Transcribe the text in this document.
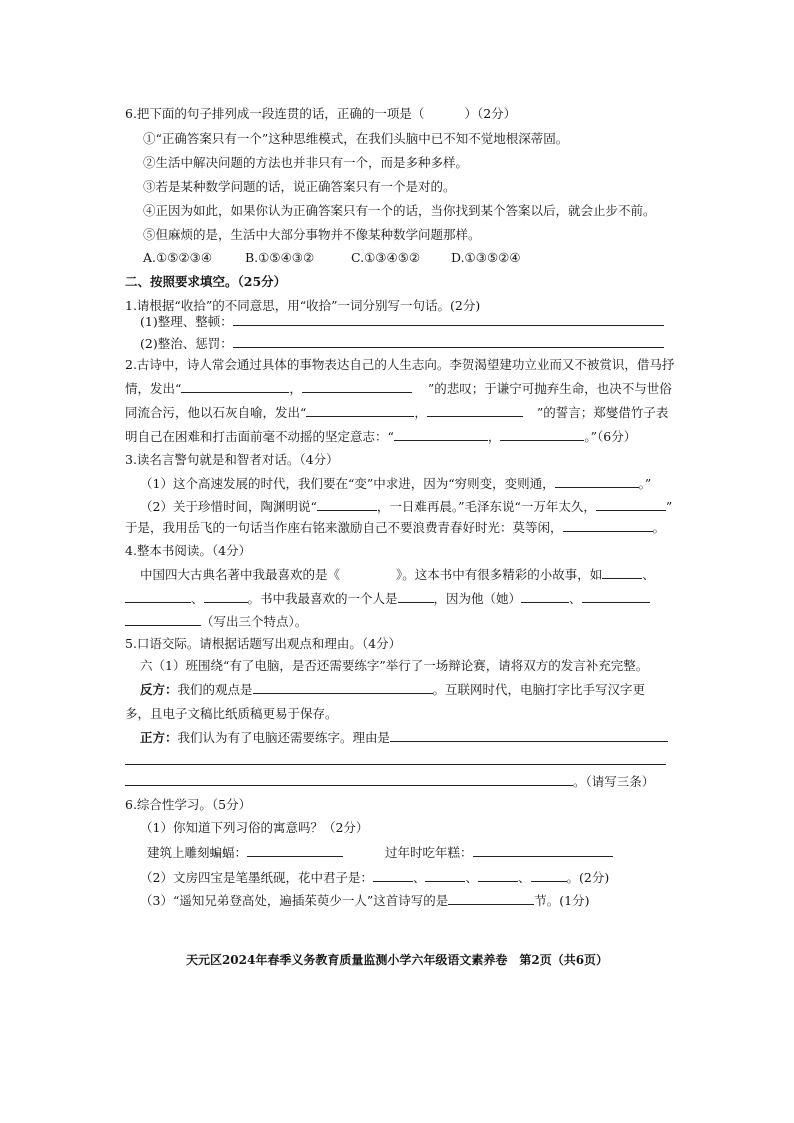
6.把下面的句子排列成一段连贯的话，正确的一项是（	）（2分）
①“正确答案只有一个”这种思维模式，在我们头脑中已不知不觉地根深蒂固。
②生活中解决问题的方法也并非只有一个，而是多种多样。
③若是某种数学问题的话，说正确答案只有一个是对的。
④正因为如此，如果你认为正确答案只有一个的话，当你找到某个答案以后，就会止步不前。
⑤但麻烦的是，生活中大部分事物并不像某种数学问题那样。
A.①⑤②③④	B.①⑤④③②	C.①③④⑤② D.①③⑤②④
二、按照要求填空。（25分）
1.请根据“收拾”的不同意思，用“收拾”一词分别写一句话。(2分)
(1)整理、整顿：
(2)整治、惩罚：
2.古诗中，诗人常会通过具体的事物表达自己的人生志向。李贺渴望建功立业而又不被赏识，借马抒
情，发出“	，	”的悲叹；于谦宁可抛弃生命，也决不与世俗
同流合污，他以石灰自喻，发出“	，	”的誓言；郑燮借竹子表
明自己在困难和打击面前毫不动摇的坚定意志：“	，	。”（6分）
3.读名言警句就是和智者对话。（4分）
（1）这个高速发展的时代，我们要在“变”中求进，因为“穷则变，变则通，	。”
（2）关于珍惜时间，陶渊明说“	，一日难再晨。”毛泽东说“一万年太久，	”
于是，我用岳飞的一句话当作座右铭来激励自己不要浪费青春好时光：莫等闲，	。
4.整本书阅读。（4分）
中国四大古典名著中我最喜欢的是《	》。这本书中有很多精彩的小故事，如	、
、	。书中我最喜欢的一个人是	，因为他（她）	、
（写出三个特点）。
5.口语交际。请根据话题写出观点和理由。（4分）
六（1）班围绕“有了电脑，是否还需要练字”举行了一场辩论赛，请将双方的发言补充完整。
反方：我们的观点是	。互联网时代，电脑打字比手写汉字更
多，且电子文稿比纸质稿更易于保存。
正方：我们认为有了电脑还需要练字。理由是
。（请写三条）
6.综合性学习。（5分）
（1）你知道下列习俗的寓意吗？（2分）
建筑上雕刻蝙蝠：	过年时吃年糕：
（2）文房四宝是笔墨纸砚，花中君子是：	、	、	、	。(2分)
（3）“遥知兄弟登高处，遍插茱萸少一人”这首诗写的是	节。(1分)
天元区2024年春季义务教育质量监测小学六年级语文素养卷　第2页（共6页）
